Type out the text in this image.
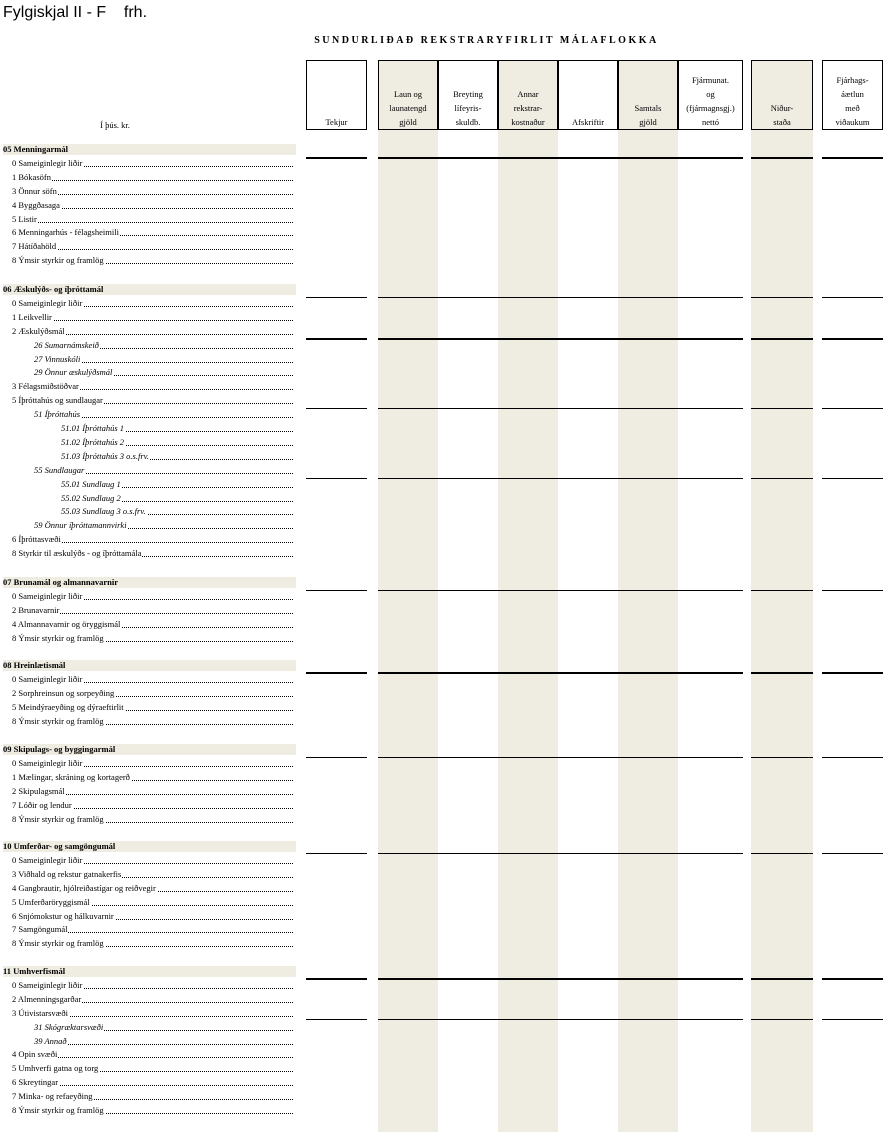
Fylgiskjal II - F    frh.
SUNDURLIÐAÐ REKSTRARYFIRLIT MÁLAFLOKKA
Tekjur
Laun og
launatengd
gjöld
Breyting
lífeyris-
skuldb.
Annar
rekstrar-
kostnaður	Afskriftir
Samtals
gjöld
Fjármunat.
og
(fjármagnsgj.)
nettó
Niður-
staða
Fjárhags-
áætlun
með
viðaukum
Í þús. kr.
05 Menningarmál
0 Sameiginlegir liðir
1 Bókasöfn
3 Önnur söfn
4 Byggðasaga
5 Listir
6 Menningarhús - félagsheimili
7 Hátíðahöld
8 Ýmsir styrkir og framlög
06 Æskulýðs- og íþróttamál
0 Sameiginlegir liðir
1 Leikvellir
2 Æskulýðsmál
26 Sumarnámskeið
27 Vinnuskóli
29 Önnur æskulýðsmál
3 Félagsmiðstöðvar
5 Íþróttahús og sundlaugar
51 Íþróttahús
51.01 Íþróttahús 1
51.02 Íþróttahús 2
51.03 Íþróttahús 3 o.s.frv.
55 Sundlaugar
55.01 Sundlaug 1
55.02 Sundlaug 2
55.03 Sundlaug 3 o.s.frv.
59 Önnur íþróttamannvirki
6 Íþróttasvæði
8 Styrkir til æskulýðs - og íþróttamála
07 Brunamál og almannavarnir
0 Sameiginlegir liðir
2 Brunavarnir
4 Almannavarnir og öryggismál
8 Ýmsir styrkir og framlög
08 Hreinlætismál
0 Sameiginlegir liðir
2 Sorphreinsun og sorpeyðing
5 Meindýraeyðing og dýraeftirlit
8 Ýmsir styrkir og framlög
09 Skipulags- og byggingarmál
0 Sameiginlegir liðir
1 Mælingar, skráning og kortagerð
2 Skipulagsmál
7 Lóðir og lendur
8 Ýmsir styrkir og framlög
10 Umferðar- og samgöngumál
0 Sameiginlegir liðir
3 Viðhald og rekstur gatnakerfis
4 Gangbrautir, hjólreiðastígar og reiðvegir
5 Umferðaröryggismál
6 Snjómokstur og hálkuvarnir
7 Samgöngumál
8 Ýmsir styrkir og framlög
11 Umhverfismál
0 Sameiginlegir liðir
2 Almenningsgarðar
3 Útivistarsvæði
31 Skógræktarsvæði
39 Annað
4 Opin svæði
5 Umhverfi gatna og torg
6 Skreytingar
7 Minka- og refaeyðing
8 Ýmsir styrkir og framlög
